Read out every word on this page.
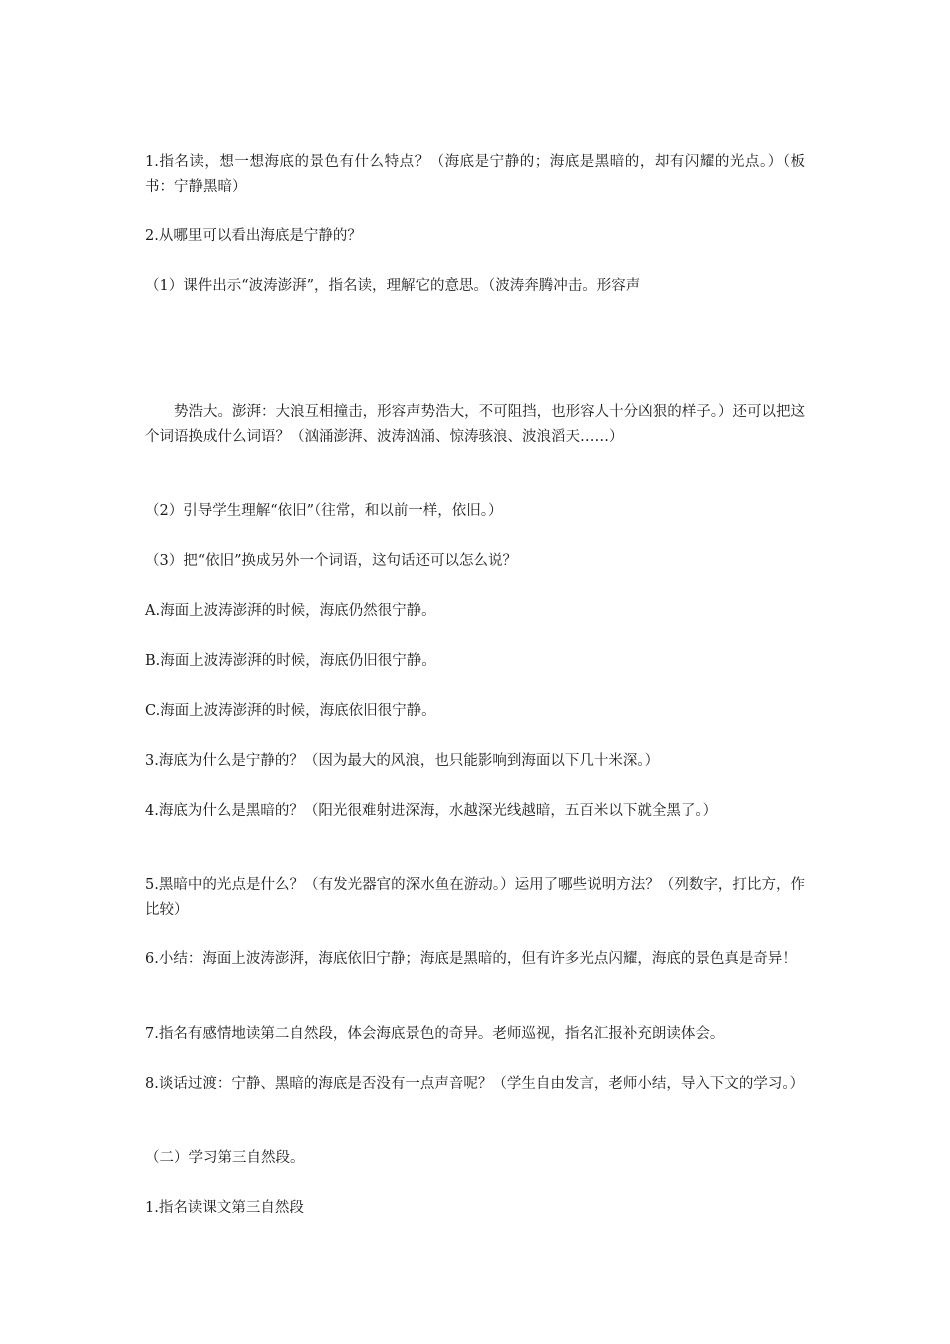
1.指名读，想一想海底的景色有什么特点？（海底是宁静的；海底是黑暗的，却有闪耀的光点。）（板书：宁静黑暗）

2.从哪里可以看出海底是宁静的？

（1）课件出示“波涛澎湃”，指名读，理解它的意思。（波涛奔腾冲击。形容声

势浩大。澎湃：大浪互相撞击，形容声势浩大，不可阻挡，也形容人十分凶狠的样子。）还可以把这个词语换成什么词语？（汹涌澎湃、波涛汹涌、惊涛骇浪、波浪滔天……）

（2）引导学生理解“依旧”（往常，和以前一样，依旧。）

（3）把“依旧”换成另外一个词语，这句话还可以怎么说？

A.海面上波涛澎湃的时候，海底仍然很宁静。

B.海面上波涛澎湃的时候，海底仍旧很宁静。

C.海面上波涛澎湃的时候，海底依旧很宁静。

3.海底为什么是宁静的？（因为最大的风浪，也只能影响到海面以下几十米深。）

4.海底为什么是黑暗的？（阳光很难射进深海，水越深光线越暗，五百米以下就全黑了。）

5.黑暗中的光点是什么？（有发光器官的深水鱼在游动。）运用了哪些说明方法？（列数字，打比方，作比较）

6.小结：海面上波涛澎湃，海底依旧宁静；海底是黑暗的，但有许多光点闪耀，海底的景色真是奇异！

7.指名有感情地读第二自然段，体会海底景色的奇异。老师巡视，指名汇报补充朗读体会。

8.谈话过渡：宁静、黑暗的海底是否没有一点声音呢？（学生自由发言，老师小结，导入下文的学习。）

（二）学习第三自然段。

1.指名读课文第三自然段
